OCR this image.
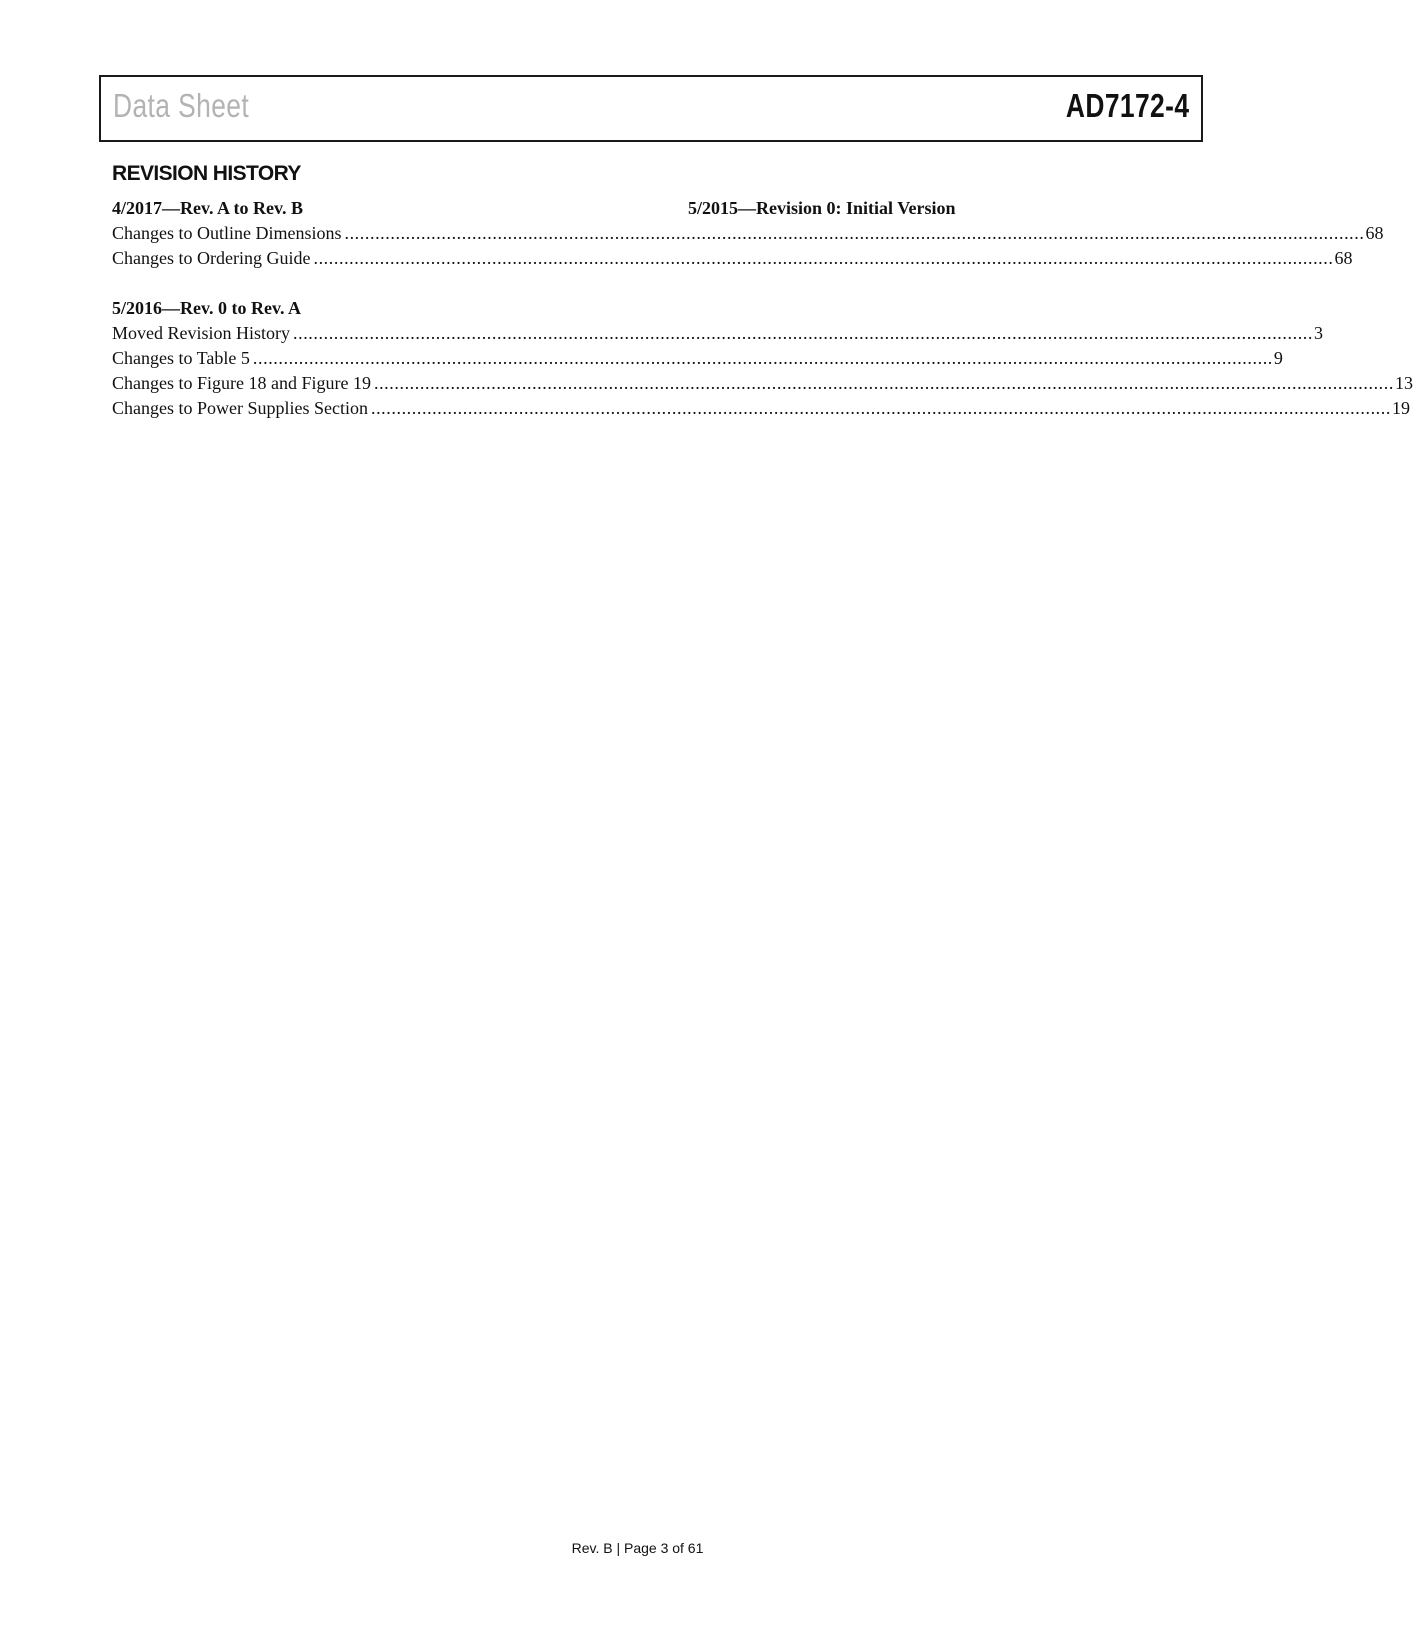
Data Sheet	AD7172-4
REVISION HISTORY
4/2017—Rev. A to Rev. B
Changes to Outline Dimensions ........................................................................................................................................................................................................ 68
Changes to Ordering Guide ........................................................................................................................................................................................................ 68
5/2016—Rev. 0 to Rev. A
Moved Revision History ........................................................................................................................................................................................................ 3
Changes to Table 5 ........................................................................................................................................................................................................ 9
Changes to Figure 18 and Figure 19 ........................................................................................................................................................................................................ 13
Changes to Power Supplies Section ........................................................................................................................................................................................................ 19
5/2015—Revision 0: Initial Version
Rev. B | Page 3 of 61
